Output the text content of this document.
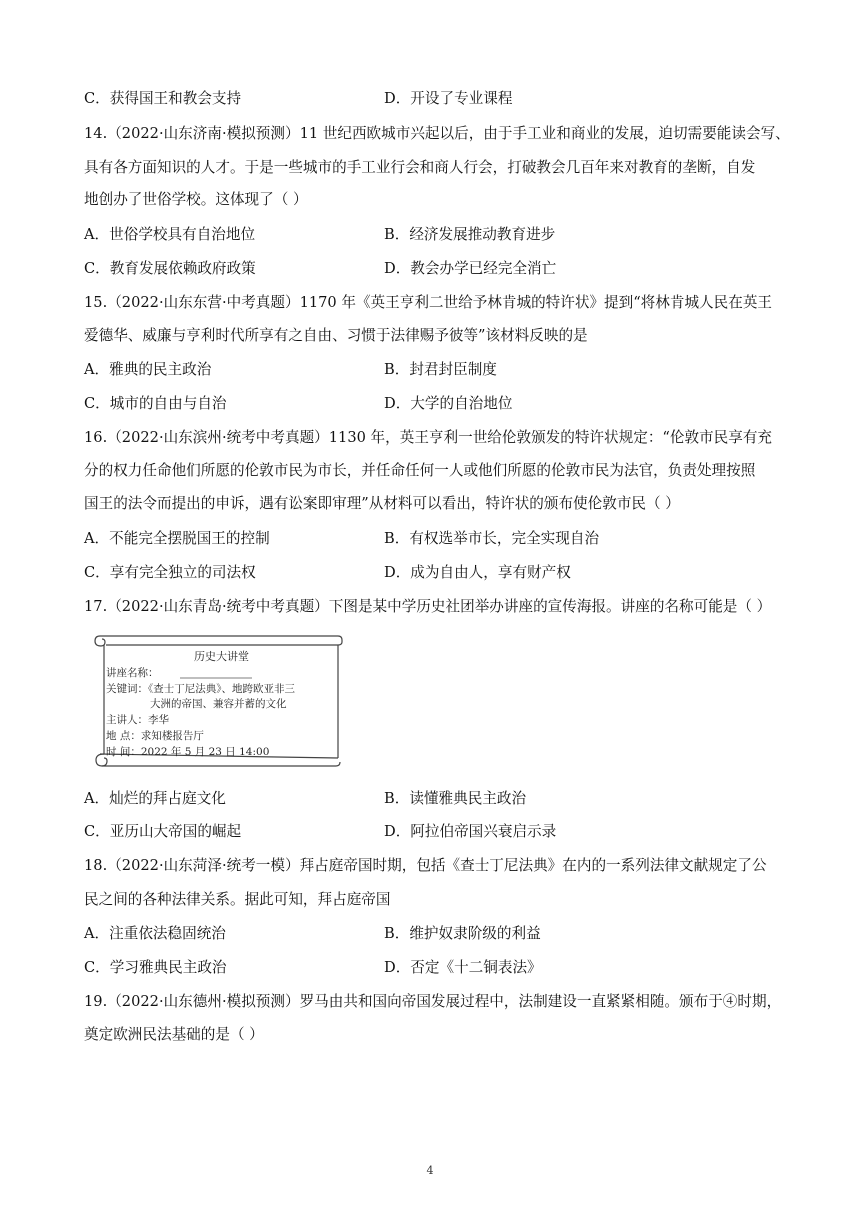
C．获得国王和教会支持	D．开设了专业课程
14.（2022·山东济南·模拟预测）11 世纪西欧城市兴起以后，由于手工业和商业的发展，迫切需要能读会写、
具有各方面知识的人才。于是一些城市的手工业行会和商人行会，打破教会几百年来对教育的垄断，自发
地创办了世俗学校。这体现了（ ）
A．世俗学校具有自治地位	B．经济发展推动教育进步
C．教育发展依赖政府政策	D．教会办学已经完全消亡
15.（2022·山东东营·中考真题）1170 年《英王亨利二世给予林肯城的特许状》提到“将林肯城人民在英王
爱德华、威廉与亨利时代所享有之自由、习惯于法律赐予彼等”该材料反映的是
A．雅典的民主政治	B．封君封臣制度
C．城市的自由与自治	D．大学的自治地位
16.（2022·山东滨州·统考中考真题）1130 年，英王亨利一世给伦敦颁发的特许状规定：“伦敦市民享有充
分的权力任命他们所愿的伦敦市民为市长，并任命任何一人或他们所愿的伦敦市民为法官，负责处理按照
国王的法令而提出的申诉，遇有讼案即审理”从材料可以看出，特许状的颁布使伦敦市民（ ）
A．不能完全摆脱国王的控制	B．有权选举市长，完全实现自治
C．享有完全独立的司法权	D．成为自由人，享有财产权
17.（2022·山东青岛·统考中考真题）下图是某中学历史社团举办讲座的宣传海报。讲座的名称可能是（ ）
历史大讲堂
讲座名称：
关键词：《查士丁尼法典》、地跨欧亚非三
大洲的帝国、兼容并蓄的文化
主讲人：李华
地 点：求知楼报告厅
时 间：2022 年 5 月 23 日 14:00
A．灿烂的拜占庭文化	B．读懂雅典民主政治
C．亚历山大帝国的崛起	D．阿拉伯帝国兴衰启示录
18.（2022·山东菏泽·统考一模）拜占庭帝国时期，包括《查士丁尼法典》在内的一系列法律文献规定了公
民之间的各种法律关系。据此可知，拜占庭帝国
A．注重依法稳固统治	B．维护奴隶阶级的利益
C．学习雅典民主政治	D．否定《十二铜表法》
19.（2022·山东德州·模拟预测）罗马由共和国向帝国发展过程中，法制建设一直紧紧相随。颁布于④时期，
奠定欧洲民法基础的是（ ）
4
